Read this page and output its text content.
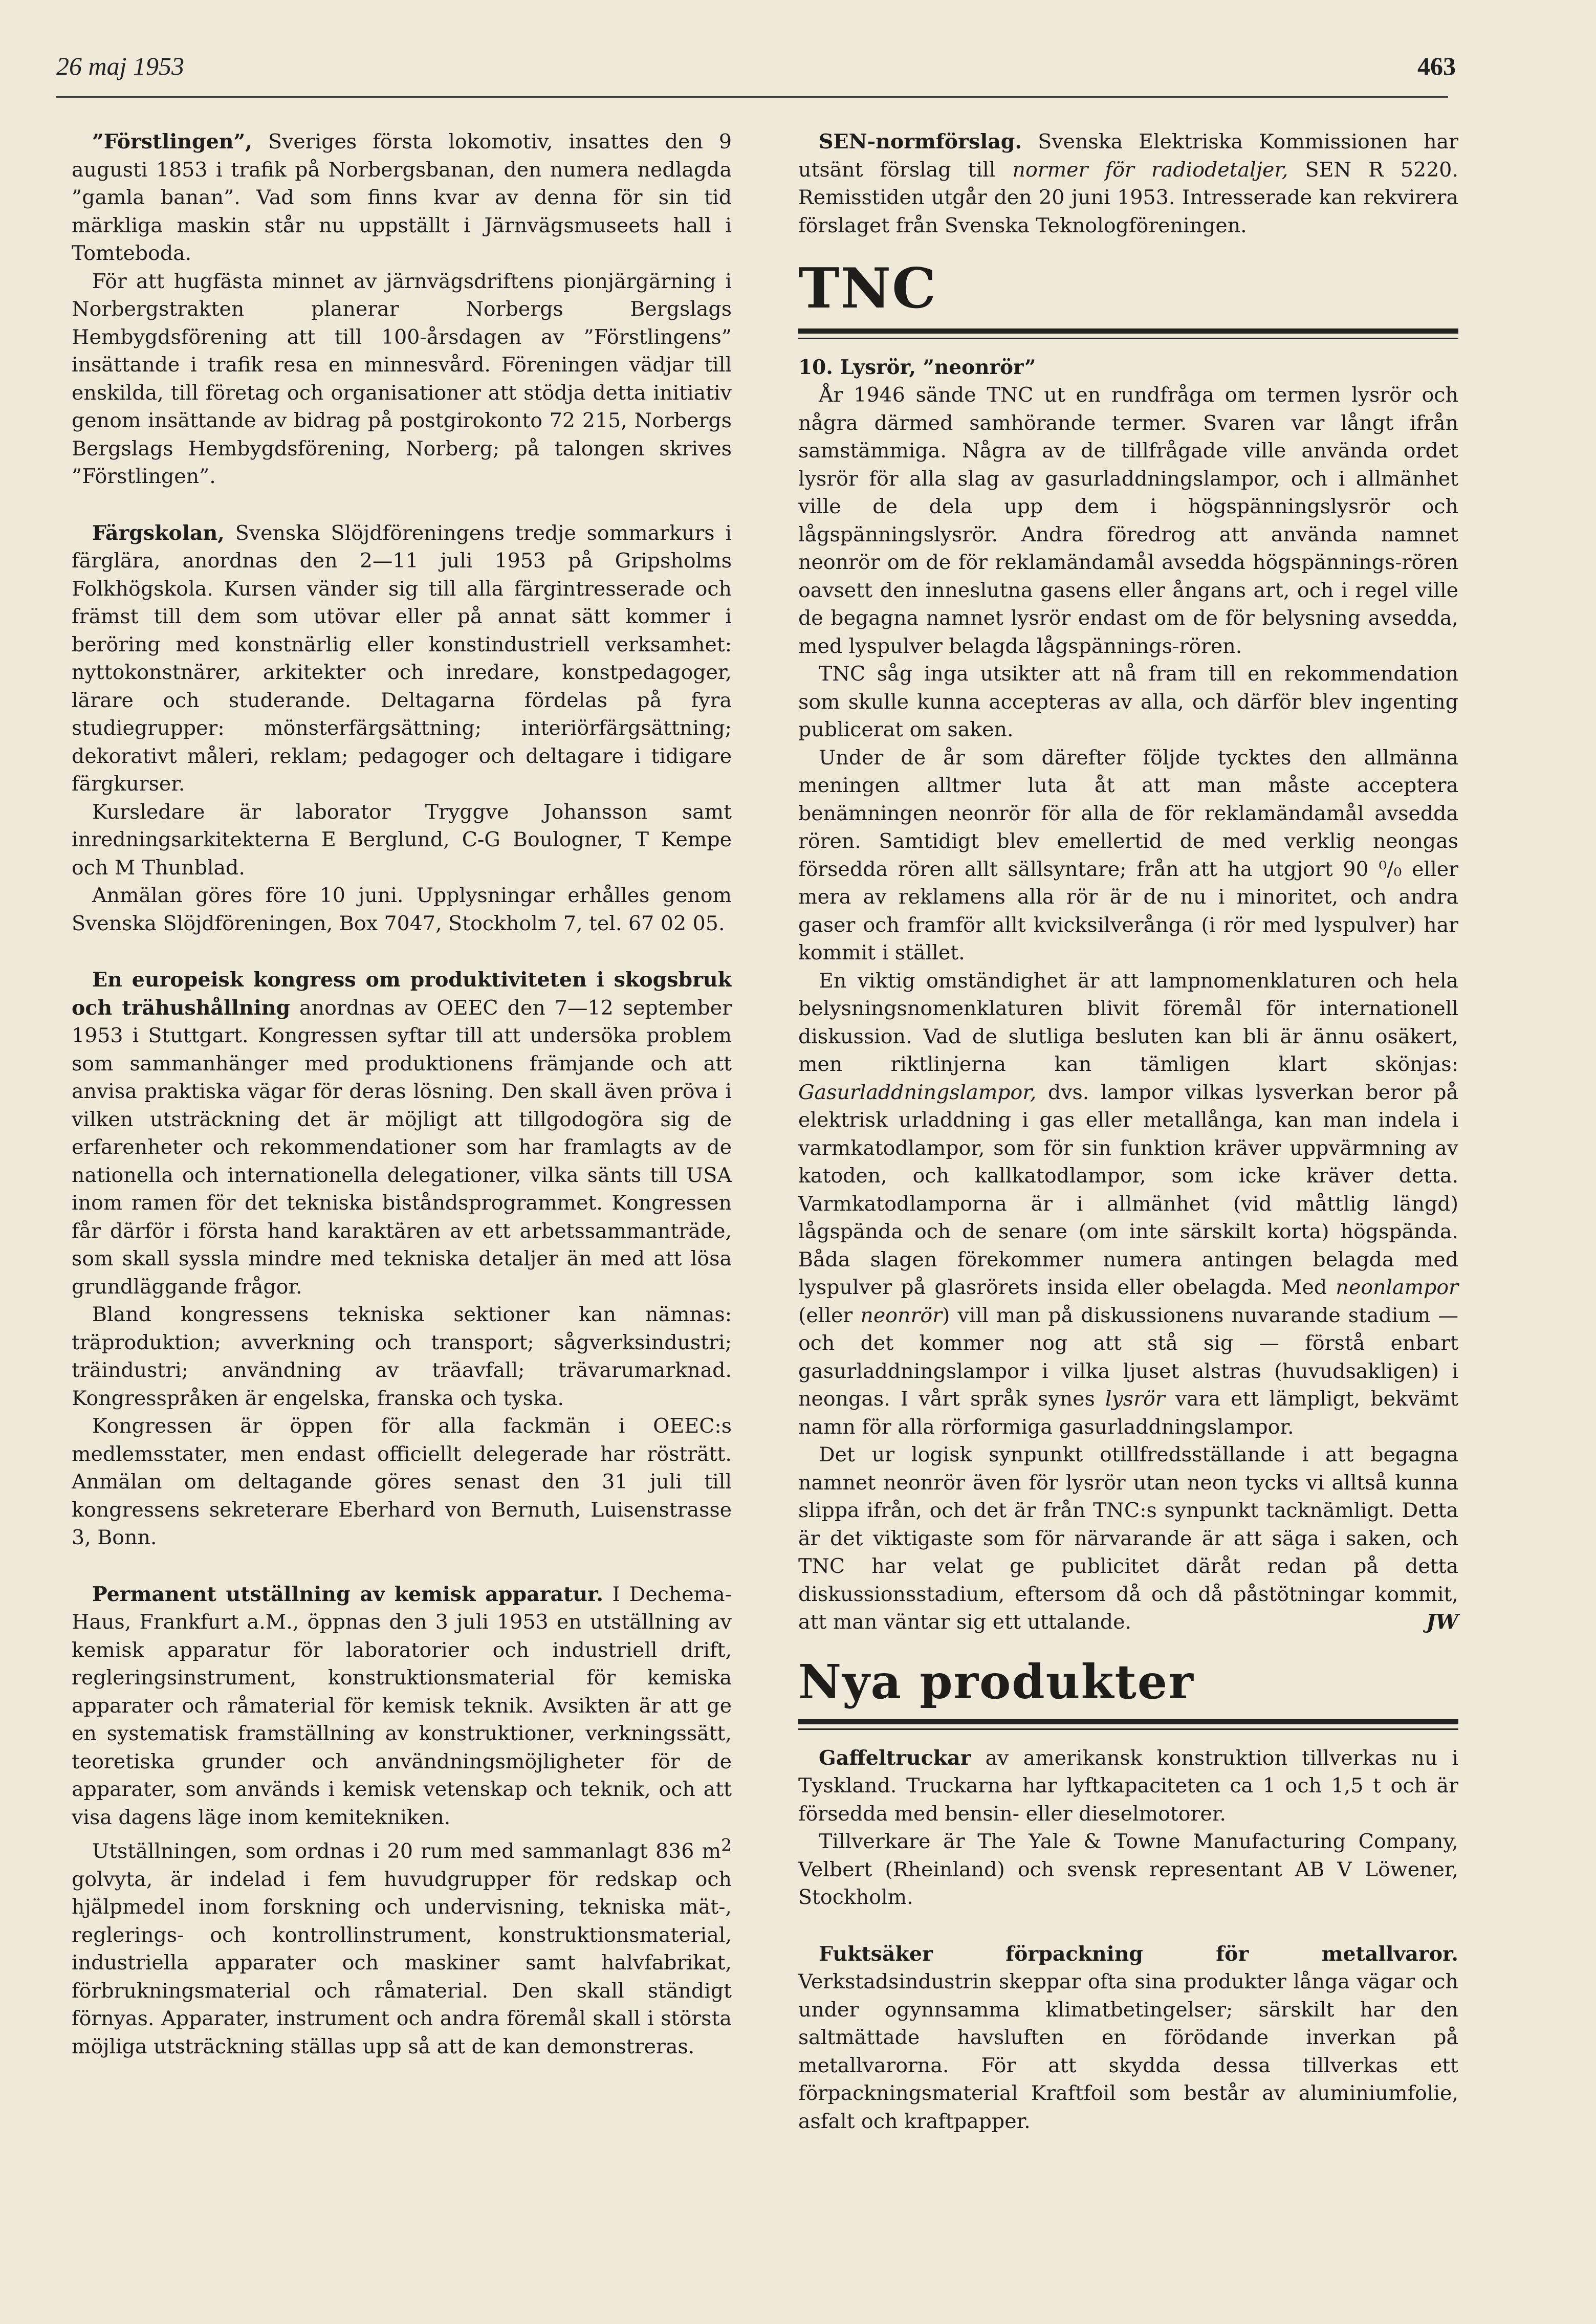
26 maj 1953	463

”Förstlingen”, Sveriges första lokomotiv, insattes den 9 augusti 1853 i trafik på Norbergsbanan, den numera nedlagda ”gamla banan”. Vad som finns kvar av denna för sin tid märkliga maskin står nu uppställt i Järnvägsmuseets hall i Tomteboda.

För att hugfästa minnet av järnvägsdriftens pionjärgärning i Norbergstrakten planerar Norbergs Bergslags Hembygdsförening att till 100-årsdagen av ”Förstlingens” insättande i trafik resa en minnesvård. Föreningen vädjar till enskilda, till företag och organisationer att stödja detta initiativ genom insättande av bidrag på postgirokonto 72 215, Norbergs Bergslags Hembygdsförening, Norberg; på talongen skrives ”Förstlingen”.

Färgskolan, Svenska Slöjdföreningens tredje sommarkurs i färglära, anordnas den 2—11 juli 1953 på Gripsholms Folkhögskola. Kursen vänder sig till alla färgintresserade och främst till dem som utövar eller på annat sätt kommer i beröring med konstnärlig eller konstindustriell verksamhet: nyttokonstnärer, arkitekter och inredare, konstpedagoger, lärare och studerande. Deltagarna fördelas på fyra studiegrupper: mönsterfärgsättning; interiörfärgsättning; dekorativt måleri, reklam; pedagoger och deltagare i tidigare färgkurser.

Kursledare är laborator Tryggve Johansson samt inredningsarkitekterna E Berglund, C-G Boulogner, T Kempe och M Thunblad.

Anmälan göres före 10 juni. Upplysningar erhålles genom Svenska Slöjdföreningen, Box 7047, Stockholm 7, tel. 67 02 05.

En europeisk kongress om produktiviteten i skogsbruk och trähushållning anordnas av OEEC den 7—12 september 1953 i Stuttgart. Kongressen syftar till att undersöka problem som sammanhänger med produktionens främjande och att anvisa praktiska vägar för deras lösning. Den skall även pröva i vilken utsträckning det är möjligt att tillgodogöra sig de erfarenheter och rekommendationer som har framlagts av de nationella och internationella delegationer, vilka sänts till USA inom ramen för det tekniska biståndsprogrammet. Kongressen får därför i första hand karaktären av ett arbetssammanträde, som skall syssla mindre med tekniska detaljer än med att lösa grundläggande frågor.

Bland kongressens tekniska sektioner kan nämnas: träproduktion; avverkning och transport; sågverksindustri; träindustri; användning av träavfall; trävarumarknad. Kongresspråken är engelska, franska och tyska.

Kongressen är öppen för alla fackmän i OEEC:s medlemsstater, men endast officiellt delegerade har rösträtt. Anmälan om deltagande göres senast den 31 juli till kongressens sekreterare Eberhard von Bernuth, Luisenstrasse 3, Bonn.

Permanent utställning av kemisk apparatur. I Dechema-Haus, Frankfurt a.M., öppnas den 3 juli 1953 en utställning av kemisk apparatur för laboratorier och industriell drift, regleringsinstrument, konstruktionsmaterial för kemiska apparater och råmaterial för kemisk teknik. Avsikten är att ge en systematisk framställning av konstruktioner, verkningssätt, teoretiska grunder och användningsmöjligheter för de apparater, som används i kemisk vetenskap och teknik, och att visa dagens läge inom kemitekniken.

Utställningen, som ordnas i 20 rum med sammanlagt 836 $m^2$ golvyta, är indelad i fem huvudgrupper för redskap och hjälpmedel inom forskning och undervisning, tekniska mät-, reglerings- och kontrollinstrument, konstruktionsmaterial, industriella apparater och maskiner samt halvfabrikat, förbrukningsmaterial och råmaterial. Den skall ständigt förnyas. Apparater, instrument och andra föremål skall i största möjliga utsträckning ställas upp så att de kan demonstreras.

SEN-normförslag. Svenska Elektriska Kommissionen har utsänt förslag till normer för radiodetaljer, SEN R 5220. Remisstiden utgår den 20 juni 1953. Intresserade kan rekvirera förslaget från Svenska Teknologföreningen.

TNC

10. Lysrör, ”neonrör”

År 1946 sände TNC ut en rundfråga om termen lysrör och några därmed samhörande termer. Svaren var långt ifrån samstämmiga. Några av de tillfrågade ville använda ordet lysrör för alla slag av gasurladdningslampor, och i allmänhet ville de dela upp dem i högspänningslysrör och lågspänningslysrör. Andra föredrog att använda namnet neonrör om de för reklamändamål avsedda högspännings-rören oavsett den inneslutna gasens eller ångans art, och i regel ville de begagna namnet lysrör endast om de för belysning avsedda, med lyspulver belagda lågspännings-rören.

TNC såg inga utsikter att nå fram till en rekommendation som skulle kunna accepteras av alla, och därför blev ingenting publicerat om saken.

Under de år som därefter följde tycktes den allmänna meningen alltmer luta åt att man måste acceptera benämningen neonrör för alla de för reklamändamål avsedda rören. Samtidigt blev emellertid de med verklig neongas försedda rören allt sällsyntare; från att ha utgjort 90 ⁰/₀ eller mera av reklamens alla rör är de nu i minoritet, och andra gaser och framför allt kvicksilverånga (i rör med lyspulver) har kommit i stället.

En viktig omständighet är att lampnomenklaturen och hela belysningsnomenklaturen blivit föremål för internationell diskussion. Vad de slutliga besluten kan bli är ännu osäkert, men riktlinjerna kan tämligen klart skönjas: Gasurladdningslampor, dvs. lampor vilkas lysverkan beror på elektrisk urladdning i gas eller metallånga, kan man indela i varmkatodlampor, som för sin funktion kräver uppvärmning av katoden, och kallkatodlampor, som icke kräver detta. Varmkatodlamporna är i allmänhet (vid måttlig längd) lågspända och de senare (om inte särskilt korta) högspända. Båda slagen förekommer numera antingen belagda med lyspulver på glasrörets insida eller obelagda. Med neonlampor (eller neonrör) vill man på diskussionens nuvarande stadium — och det kommer nog att stå sig — förstå enbart gasurladdningslampor i vilka ljuset alstras (huvudsakligen) i neongas. I vårt språk synes lysrör vara ett lämpligt, bekvämt namn för alla rörformiga gasurladdningslampor.

Det ur logisk synpunkt otillfredsställande i att begagna namnet neonrör även för lysrör utan neon tycks vi alltså kunna slippa ifrån, och det är från TNC:s synpunkt tacknämligt. Detta är det viktigaste som för närvarande är att säga i saken, och TNC har velat ge publicitet däråt redan på detta diskussionsstadium, eftersom då och då påstötningar kommit, att man väntar sig ett uttalande.	JW

Nya produkter

Gaffeltruckar av amerikansk konstruktion tillverkas nu i Tyskland. Truckarna har lyftkapaciteten ca 1 och 1,5 t och är försedda med bensin- eller dieselmotorer.

Tillverkare är The Yale & Towne Manufacturing Company, Velbert (Rheinland) och svensk representant AB V Löwener, Stockholm.

Fuktsäker förpackning för metallvaror. Verkstadsindustrin skeppar ofta sina produkter långa vägar och under ogynnsamma klimatbetingelser; särskilt har den saltmättade havsluften en förödande inverkan på metallvarorna. För att skydda dessa tillverkas ett förpackningsmaterial Kraftfoil som består av aluminiumfolie, asfalt och kraftpapper.
